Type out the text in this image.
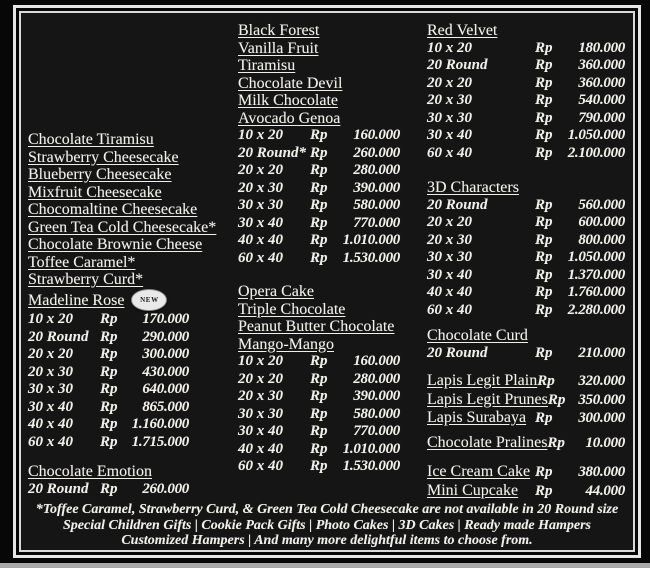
Chocolate Tiramisu
Strawberry Cheesecake
Blueberry Cheesecake
Mixfruit Cheesecake
Chocomaltine Cheesecake
Green Tea Cold Cheesecake*
Chocolate Brownie Cheese
Toffee Caramel*
Strawberry Curd*
Madeline Rose NEW
10 x 20	Rp	170.000
20 Round Rp	290.000
20 x 20	Rp	300.000
20 x 30	Rp	430.000
30 x 30	Rp	640.000
30 x 40	Rp	865.000
40 x 40	Rp 1.160.000
60 x 40	Rp 1.715.000
Chocolate Emotion
20 Round Rp	260.000
Black Forest
Vanilla Fruit
Tiramisu
Chocolate Devil
Milk Chocolate
Avocado Genoa
10 x 20	Rp	160.000
20 Round* Rp	260.000
20 x 20	Rp	280.000
20 x 30	Rp	390.000
30 x 30	Rp	580.000
30 x 40	Rp	770.000
40 x 40	Rp	1.010.000
60 x 40	Rp	1.530.000
Opera Cake
Triple Chocolate
Peanut Butter Chocolate
Mango-Mango
10 x 20	Rp	160.000
20 x 20	Rp	280.000
20 x 30	Rp	390.000
30 x 30	Rp	580.000
30 x 40	Rp	770.000
40 x 40	Rp	1.010.000
60 x 40	Rp	1.530.000
Red Velvet
10 x 20	Rp	180.000
20 Round	Rp	360.000
20 x 20	Rp	360.000
20 x 30	Rp	540.000
30 x 30	Rp	790.000
30 x 40	Rp	1.050.000
60 x 40	Rp	2.100.000
3D Characters
20 Round	Rp	560.000
20 x 20	Rp	600.000
20 x 30	Rp	800.000
30 x 30	Rp	1.050.000
30 x 40	Rp	1.370.000
40 x 40	Rp	1.760.000
60 x 40	Rp	2.280.000
Chocolate Curd
20 Round	Rp	210.000
Lapis Legit Plain Rp	320.000
Lapis Legit Prunes Rp 350.000
Lapis Surabaya Rp	300.000
Chocolate Pralines Rp	10.000
Ice Cream Cake Rp	380.000
Mini Cupcake	Rp	44.000
*Toffee Caramel, Strawberry Curd, & Green Tea Cold Cheesecake are not available in 20 Round size
Special Children Gifts | Cookie Pack Gifts | Photo Cakes | 3D Cakes | Ready made Hampers
Customized Hampers | And many more delightful items to choose from.
